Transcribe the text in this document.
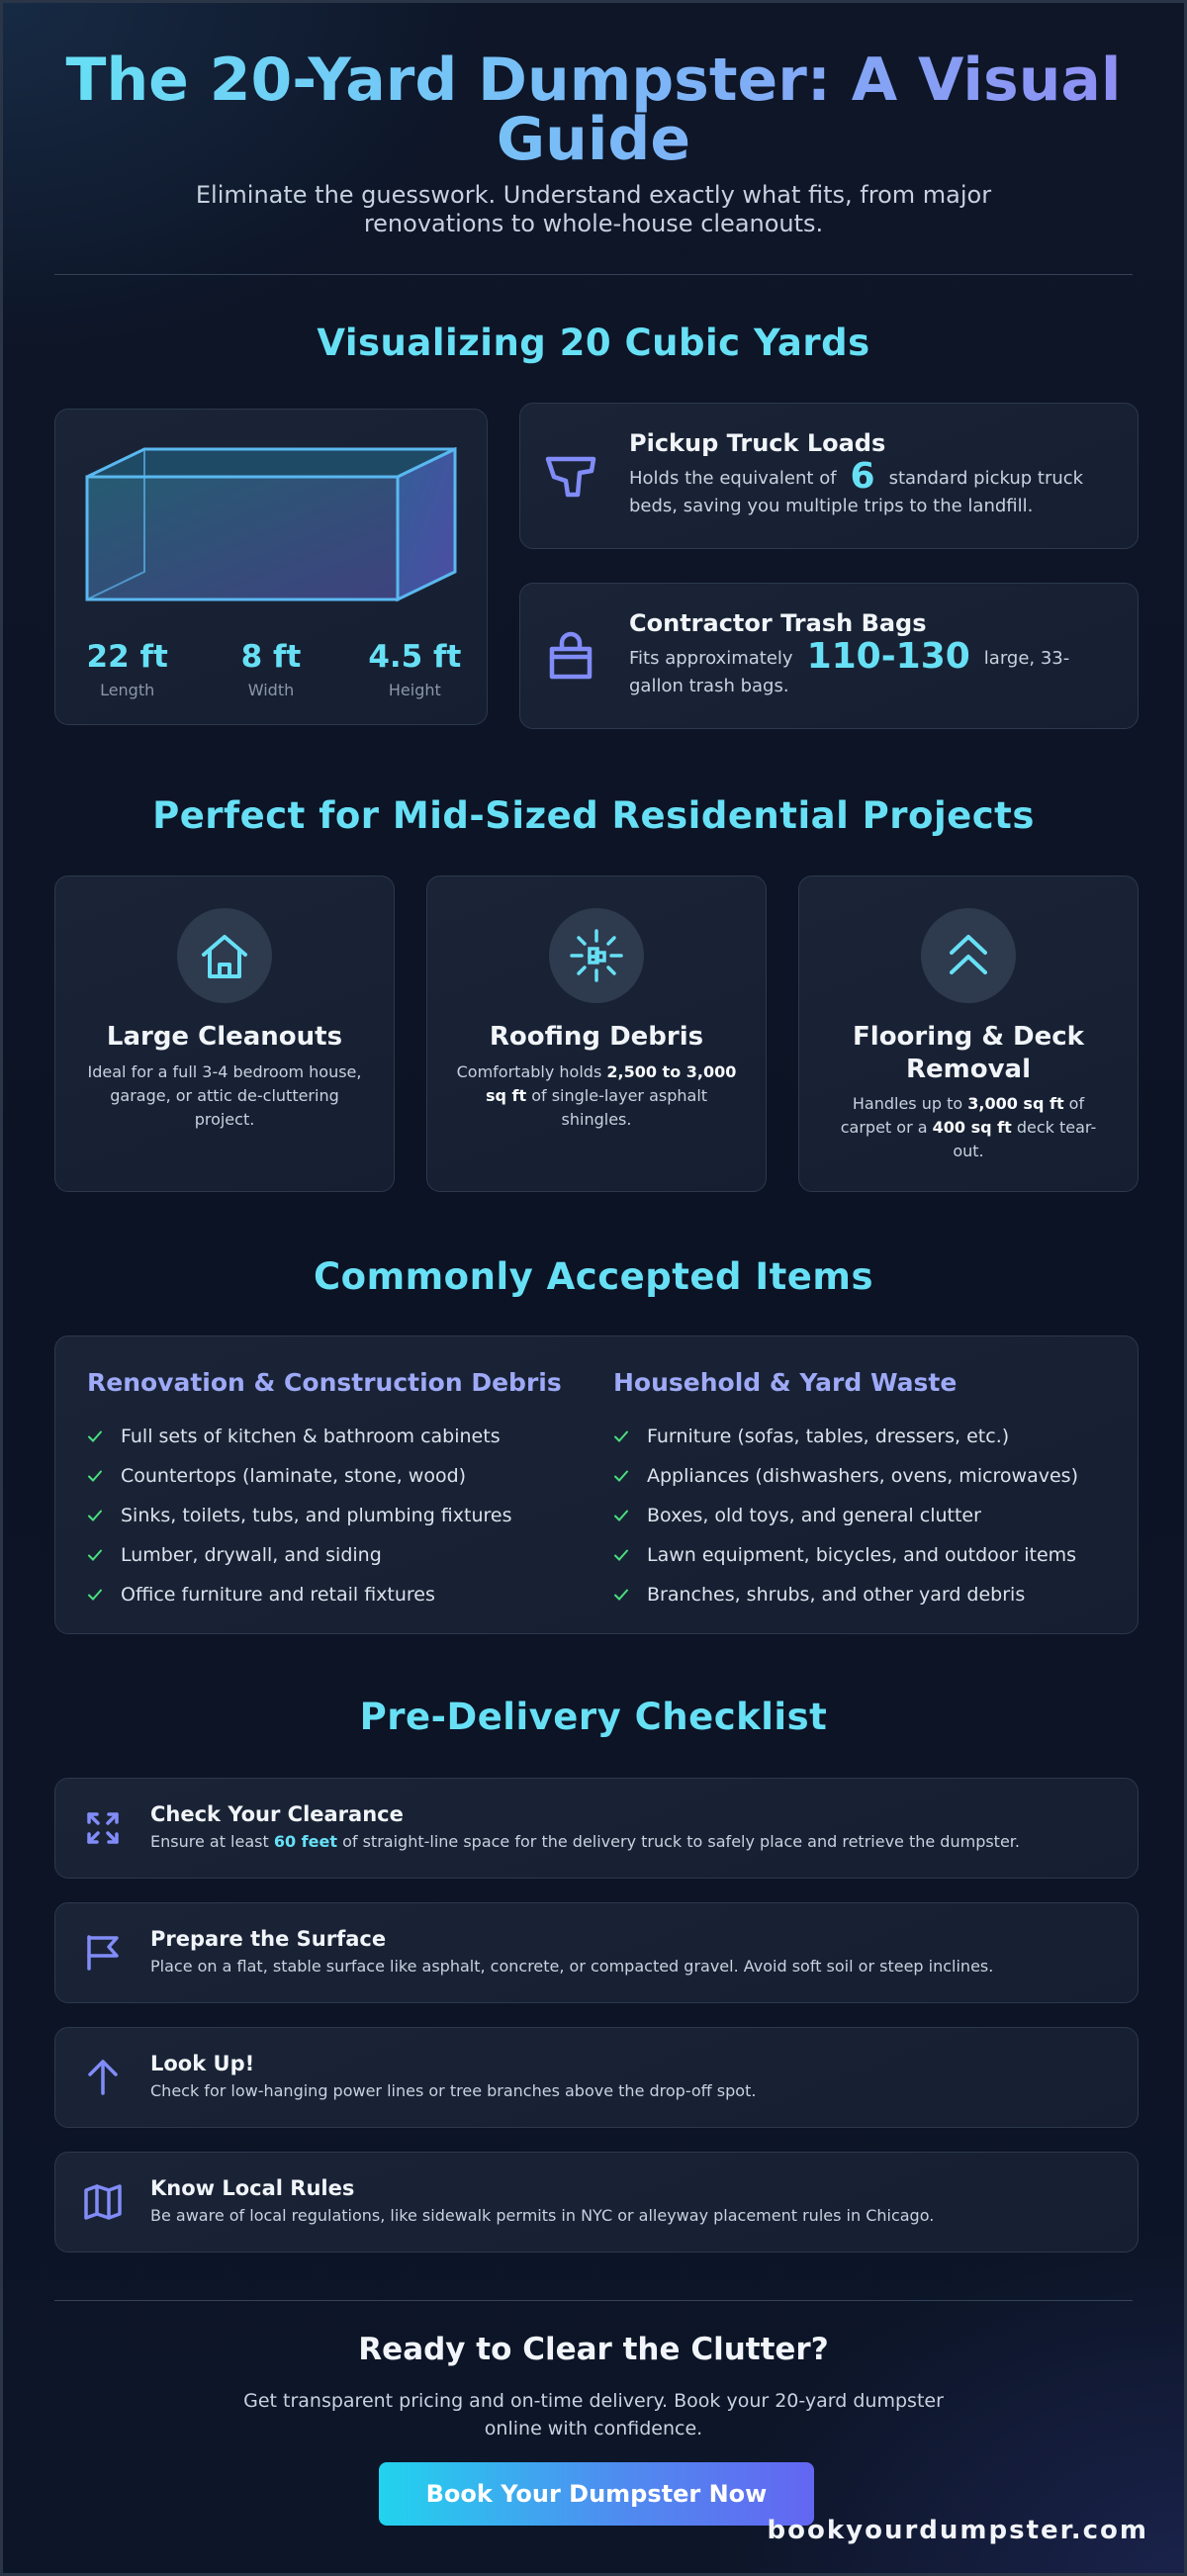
The 20-Yard Dumpster: A Visual Guide

Eliminate the guesswork. Understand exactly what fits, from major renovations to whole-house cleanouts.

Visualizing 20 Cubic Yards
22 ft
Length
8 ft
Width
4.5 ft
Height
Pickup Truck Loads
Holds the equivalent of 6 standard pickup truck beds, saving you multiple trips to the landfill.
Contractor Trash Bags
Fits approximately 110-130 large, 33-gallon trash bags.
Perfect for Mid-Sized Residential Projects
Large Cleanouts
Ideal for a full 3-4 bedroom house, garage, or attic de-cluttering project.
Roofing Debris
Comfortably holds 2,500 to 3,000 sq ft of single-layer asphalt shingles.
Flooring & Deck Removal
Handles up to 3,000 sq ft of carpet or a 400 sq ft deck tear-out.
Commonly Accepted Items
Renovation & Construction Debris
Full sets of kitchen & bathroom cabinets
Countertops (laminate, stone, wood)
Sinks, toilets, tubs, and plumbing fixtures
Lumber, drywall, and siding
Office furniture and retail fixtures
Household & Yard Waste
Furniture (sofas, tables, dressers, etc.)
Appliances (dishwashers, ovens, microwaves)
Boxes, old toys, and general clutter
Lawn equipment, bicycles, and outdoor items
Branches, shrubs, and other yard debris
Pre-Delivery Checklist
Check Your Clearance
Ensure at least 60 feet of straight-line space for the delivery truck to safely place and retrieve the dumpster.
Prepare the Surface
Place on a flat, stable surface like asphalt, concrete, or compacted gravel. Avoid soft soil or steep inclines.
Look Up!
Check for low-hanging power lines or tree branches above the drop-off spot.
Know Local Rules
Be aware of local regulations, like sidewalk permits in NYC or alleyway placement rules in Chicago.
Ready to Clear the Clutter?

Get transparent pricing and on-time delivery. Book your 20-yard dumpster online with confidence.

Book Your Dumpster Now
bookyourdumpster.com
